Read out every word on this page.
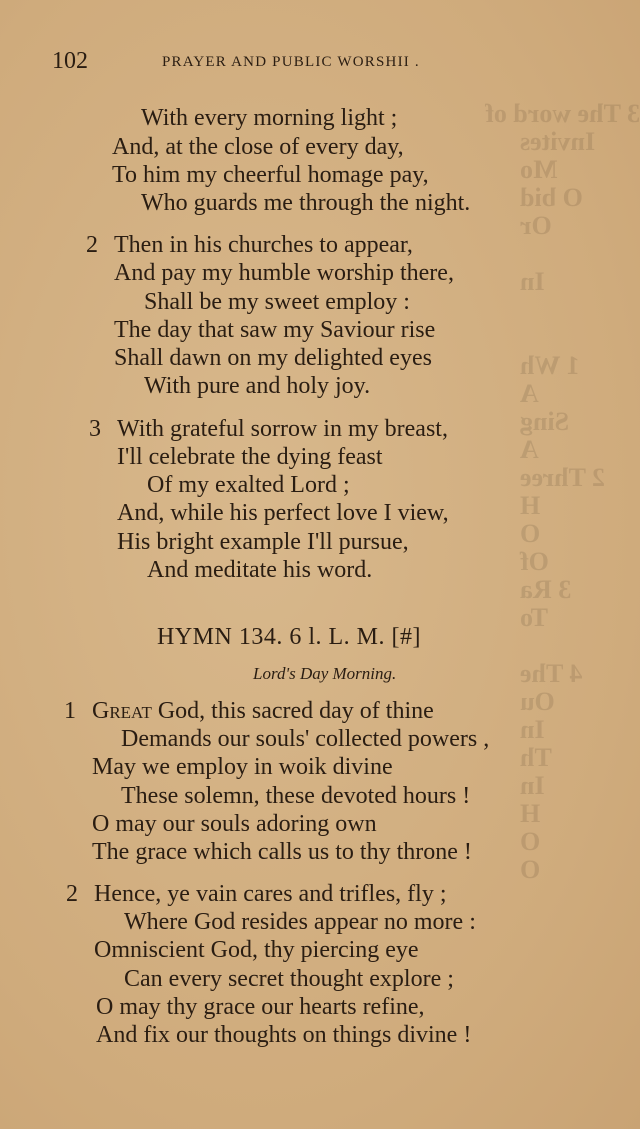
3 The word of
Invites
Mo
O bid
Or

In

1 Wh
A
Sing
A
2 Three
H
O
Of
3 Ra
To

4 The
Ou
In
Th
In
H
O
O
102	PRAYER AND PUBLIC WORSHII .
With every morning light ;
And, at the close of every day,
To him my cheerful homage pay,
Who guards me through the night.
2 Then in his churches to appear,
And pay my humble worship there,
Shall be my sweet employ :
The day that saw my Saviour rise
Shall dawn on my delighted eyes
With pure and holy joy.
3 With grateful sorrow in my breast,
I'll celebrate the dying feast
Of my exalted Lord ;
And, while his perfect love I view,
His bright example I'll pursue,
And meditate his word.
HYMN 134. 6 l. L. M. [#]
Lord's Day Morning.
1 Great God, this sacred day of thine
Demands our souls' collected powers ,
May we employ in woik divine
These solemn, these devoted hours !
O may our souls adoring own
The grace which calls us to thy throne !
2 Hence, ye vain cares and trifles, fly ;
Where God resides appear no more :
Omniscient God, thy piercing eye
Can every secret thought explore ;
O may thy grace our hearts refine,
And fix our thoughts on things divine !
